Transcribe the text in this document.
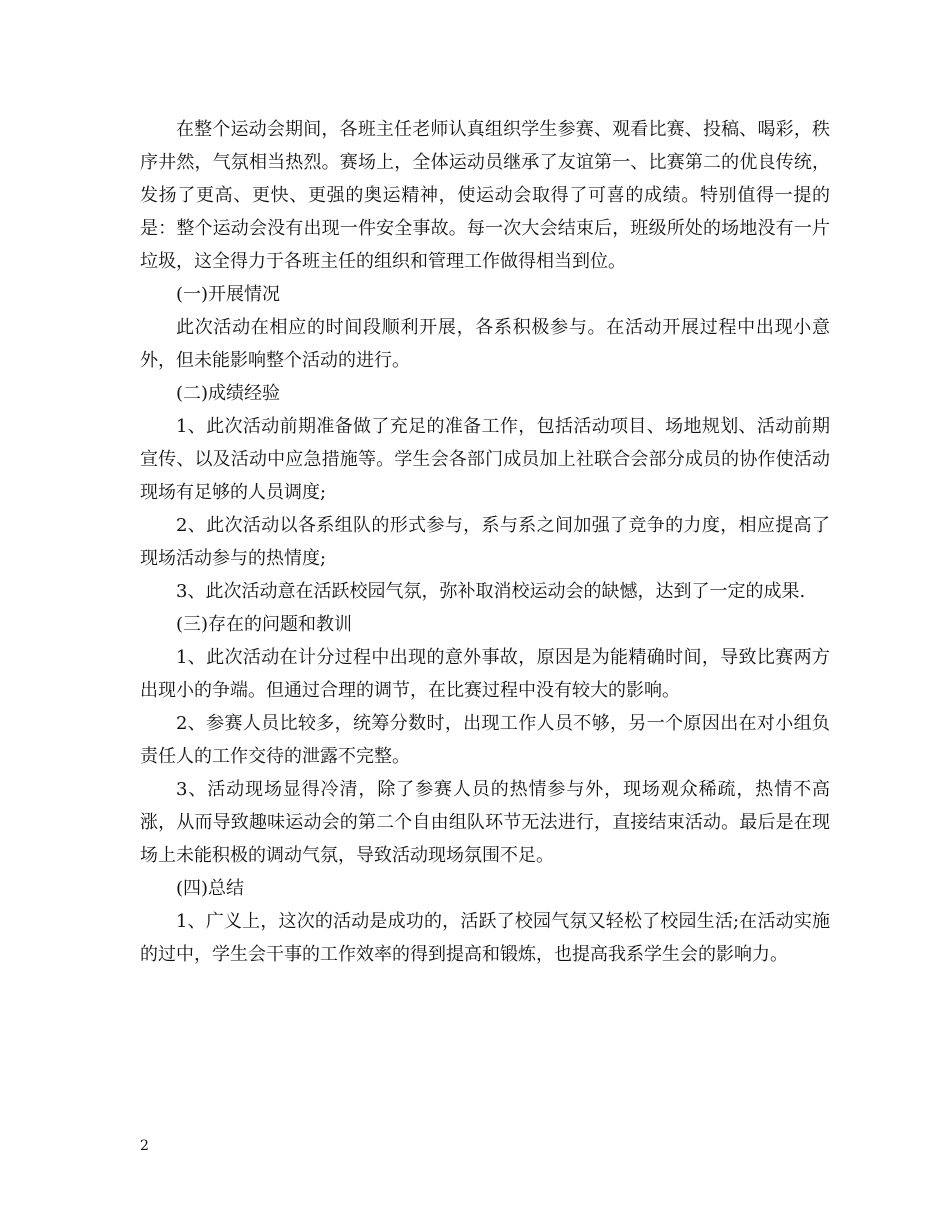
在整个运动会期间，各班主任老师认真组织学生参赛、观看比赛、投稿、喝彩，秩序井然，气氛相当热烈。赛场上，全体运动员继承了友谊第一、比赛第二的优良传统，发扬了更高、更快、更强的奥运精神，使运动会取得了可喜的成绩。特别值得一提的是：整个运动会没有出现一件安全事故。每一次大会结束后，班级所处的场地没有一片垃圾，这全得力于各班主任的组织和管理工作做得相当到位。

(一)开展情况

此次活动在相应的时间段顺利开展，各系积极参与。在活动开展过程中出现小意外，但未能影响整个活动的进行。

(二)成绩经验

1、此次活动前期准备做了充足的准备工作，包括活动项目、场地规划、活动前期宣传、以及活动中应急措施等。学生会各部门成员加上社联合会部分成员的协作使活动现场有足够的人员调度;

2、此次活动以各系组队的形式参与，系与系之间加强了竞争的力度，相应提高了现场活动参与的热情度;

3、此次活动意在活跃校园气氛，弥补取消校运动会的缺憾，达到了一定的成果.

(三)存在的问题和教训

1、此次活动在计分过程中出现的意外事故，原因是为能精确时间，导致比赛两方出现小的争端。但通过合理的调节，在比赛过程中没有较大的影响。

2、参赛人员比较多，统筹分数时，出现工作人员不够，另一个原因出在对小组负责任人的工作交待的泄露不完整。

3、活动现场显得冷清，除了参赛人员的热情参与外，现场观众稀疏，热情不高涨，从而导致趣味运动会的第二个自由组队环节无法进行，直接结束活动。最后是在现场上未能积极的调动气氛，导致活动现场氛围不足。

(四)总结

1、广义上，这次的活动是成功的，活跃了校园气氛又轻松了校园生活;在活动实施的过中，学生会干事的工作效率的得到提高和锻炼，也提高我系学生会的影响力。

2
